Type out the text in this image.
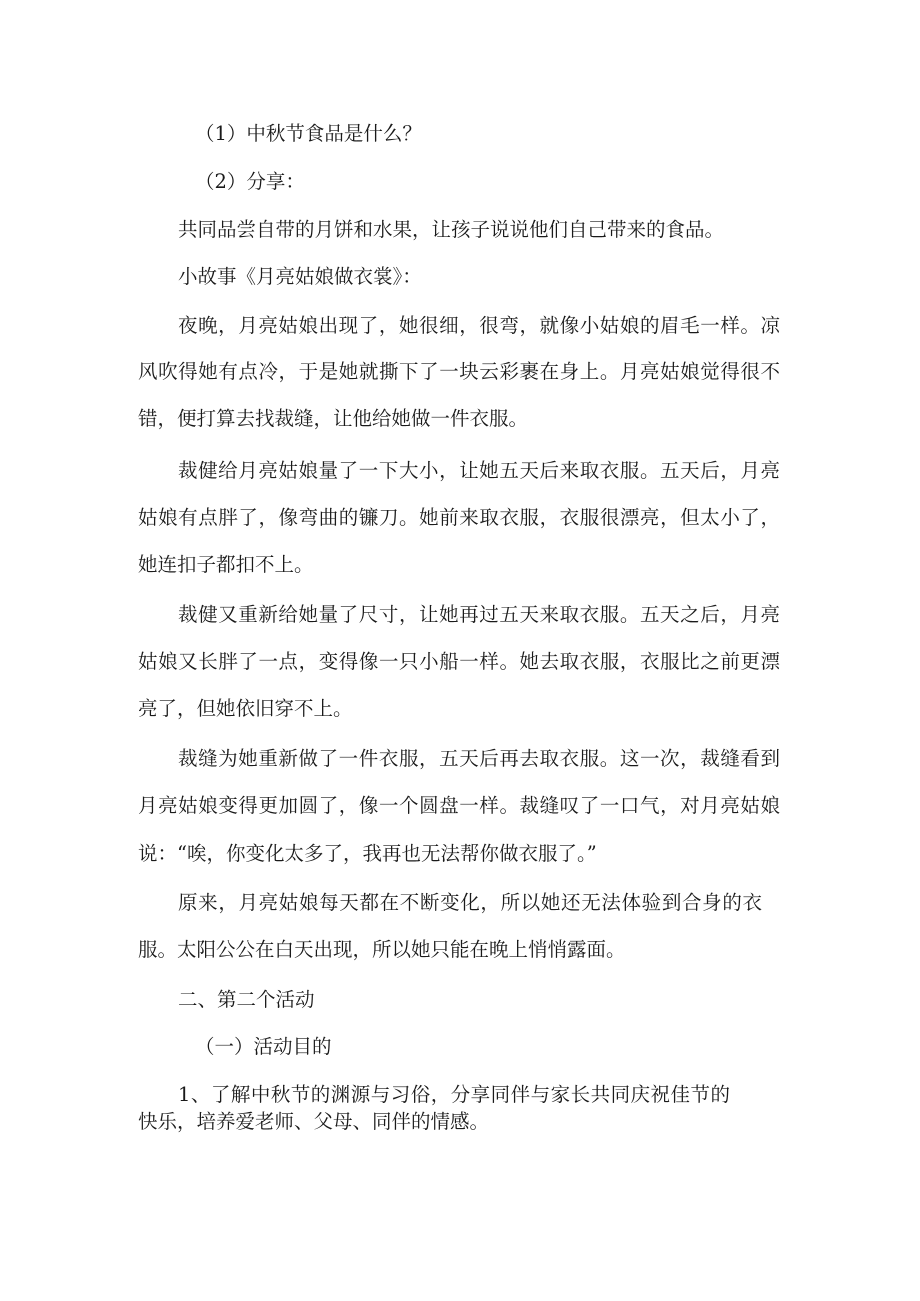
（1）中秋节食品是什么？

（2）分享：

共同品尝自带的月饼和水果，让孩子说说他们自己带来的食品。

小故事《月亮姑娘做衣裳》：

夜晚，月亮姑娘出现了，她很细，很弯，就像小姑娘的眉毛一样。凉

风吹得她有点冷，于是她就撕下了一块云彩裹在身上。月亮姑娘觉得很不

错，便打算去找裁缝，让他给她做一件衣服。

裁健给月亮姑娘量了一下大小，让她五天后来取衣服。五天后，月亮

姑娘有点胖了，像弯曲的镰刀。她前来取衣服，衣服很漂亮，但太小了，

她连扣子都扣不上。

裁健又重新给她量了尺寸，让她再过五天来取衣服。五天之后，月亮

姑娘又长胖了一点，变得像一只小船一样。她去取衣服，衣服比之前更漂

亮了，但她依旧穿不上。

裁缝为她重新做了一件衣服，五天后再去取衣服。这一次，裁缝看到

月亮姑娘变得更加圆了，像一个圆盘一样。裁缝叹了一口气，对月亮姑娘

说：“唉，你变化太多了，我再也无法帮你做衣服了。”

原来，月亮姑娘每天都在不断变化，所以她还无法体验到合身的衣

服。太阳公公在白天出现，所以她只能在晚上悄悄露面。

二、第二个活动

（一）活动目的

1、了解中秋节的渊源与习俗，分享同伴与家长共同庆祝佳节的

快乐，培养爱老师、父母、同伴的情感。
